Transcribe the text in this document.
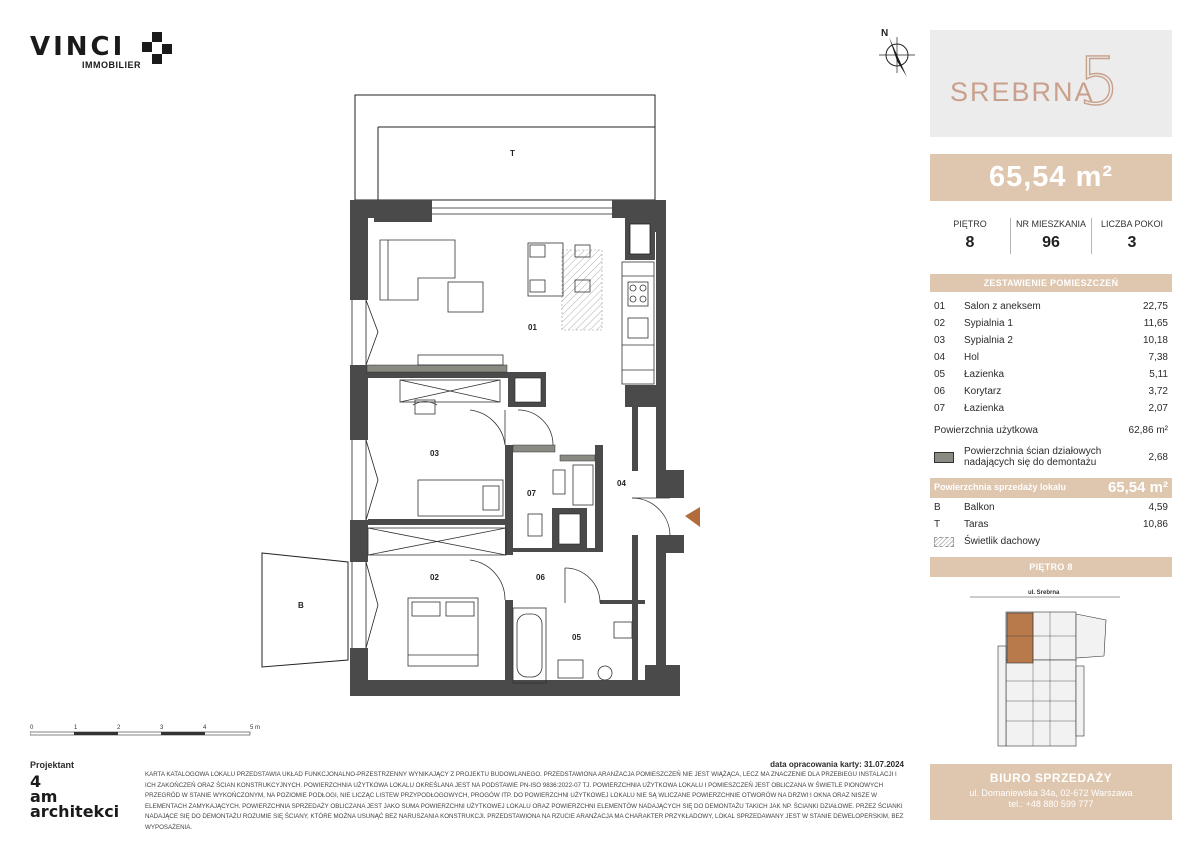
VINCI
IMMOBILIER
N
T
B
01
02
03
04
05
06
07
0	1	2	3	4	5 m
SREBRNA
5
65,54 m²
PIĘTRO
8
NR MIESZKANIA
96
LICZBA POKOI
3
ZESTAWIENIE POMIESZCZEŃ
01 Salon z aneksem	22,75
02 Sypialnia 1	11,65
03 Sypialnia 2	10,18
04 Hol	7,38
05 Łazienka	5,11
06 Korytarz	3,72
07 Łazienka	2,07
Powierzchnia użytkowa	62,86 m²
Powierzchnia ścian działowych nadających się do demontażu	2,68
Powierzchnia sprzedaży lokalu	65,54 m²
B Balkon	4,59
T Taras	10,86
Świetlik dachowy
PIĘTRO 8
ul. Srebrna
BIURO SPRZEDAŻY
ul. Domaniewska 34a, 02-672 Warszawa
tel.: +48 880 599 777
Projektant
4
am
architekci
data opracowania karty: 31.07.2024

KARTA KATALOGOWA LOKALU PRZEDSTAWIA UKŁAD FUNKCJONALNO-PRZESTRZENNY WYNIKAJĄCY Z PROJEKTU BUDOWLANEGO. PRZEDSTAWIONA ARANŻACJA POMIESZCZEŃ NIE JEST WIĄŻĄCA, LECZ MA ZNACZENIE DLA PRZEBIEGU INSTALACJI I ICH ZAKOŃCZEŃ ORAZ ŚCIAN KONSTRUKCYJNYCH. POWIERZCHNIA UŻYTKOWA LOKALU OKREŚLANA JEST NA PODSTAWIE PN-ISO 9836:2022-07 TJ. POWIERZCHNIA UŻYTKOWA LOKALU I POMIESZCZEŃ JEST OBLICZANA W ŚWIETLE PIONOWYCH PRZEGRÓD W STANIE WYKOŃCZONYM, NA POZIOMIE PODŁOGI, NIE LICZĄC LISTEW PRZYPODŁOGOWYCH, PROGÓW ITP. DO POWIERZCHNI UŻYTKOWEJ LOKALU NIE SĄ WLICZANE POWIERZCHNIE OTWORÓW NA DRZWI I OKNA ORAZ NISZE W ELEMENTACH ZAMYKAJĄCYCH. POWIERZCHNIA SPRZEDAŻY OBLICZANA JEST JAKO SUMA POWIERZCHNI UŻYTKOWEJ LOKALU ORAZ POWIERZCHNI ELEMENTÓW NADAJĄCYCH SIĘ DO DEMONTAŻU TAKICH JAK NP. ŚCIANKI DZIAŁOWE. PRZEZ ŚCIANKI NADAJĄCE SIĘ DO DEMONTAŻU ROZUMIE SIĘ ŚCIANY, KTÓRE MOŻNA USUNĄĆ BEZ NARUSZANIA KONSTRUKCJI. PRZEDSTAWIONA NA RZUCIE ARANŻACJA MA CHARAKTER PRZYKŁADOWY, LOKAL SPRZEDAWANY JEST W STANIE DEWELOPERSKIM, BEZ WYPOSAŻENIA.
